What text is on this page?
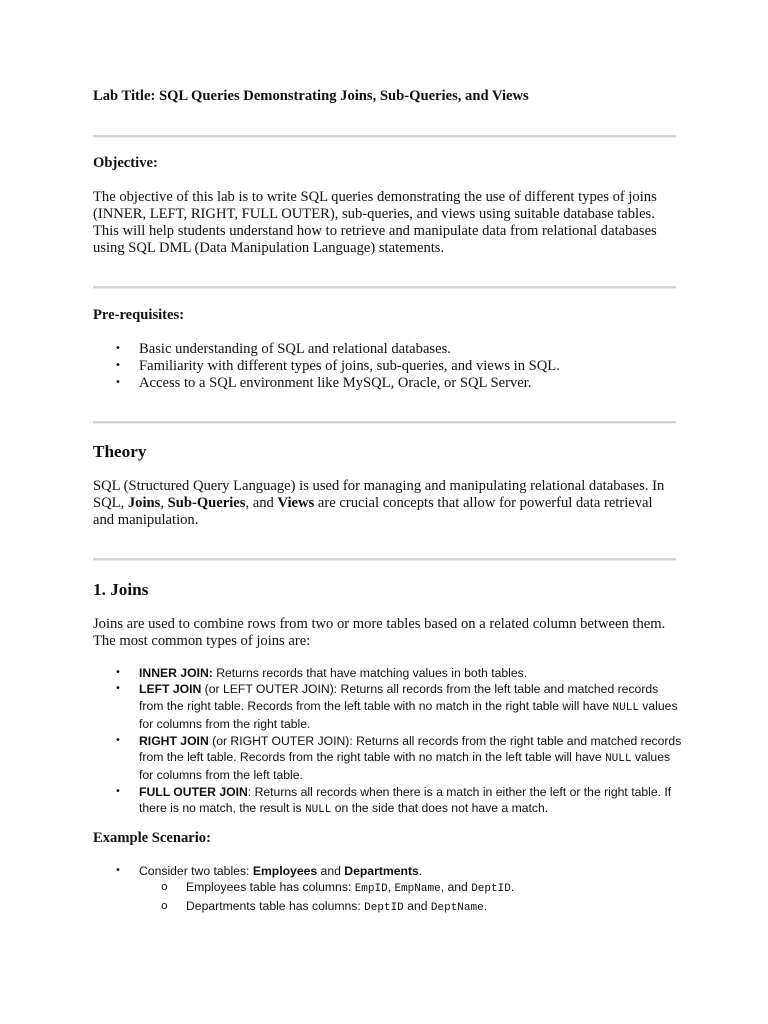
Lab Title: SQL Queries Demonstrating Joins, Sub-Queries, and Views
Objective:
The objective of this lab is to write SQL queries demonstrating the use of different types of joins (INNER, LEFT, RIGHT, FULL OUTER), sub-queries, and views using suitable database tables. This will help students understand how to retrieve and manipulate data from relational databases using SQL DML (Data Manipulation Language) statements.
Pre-requisites:
• Basic understanding of SQL and relational databases.
• Familiarity with different types of joins, sub-queries, and views in SQL.
• Access to a SQL environment like MySQL, Oracle, or SQL Server.
Theory
SQL (Structured Query Language) is used for managing and manipulating relational databases. In SQL, Joins, Sub-Queries, and Views are crucial concepts that allow for powerful data retrieval and manipulation.
1. Joins
Joins are used to combine rows from two or more tables based on a related column between them. The most common types of joins are:
• INNER JOIN: Returns records that have matching values in both tables.
• LEFT JOIN (or LEFT OUTER JOIN): Returns all records from the left table and matched records from the right table. Records from the left table with no match in the right table will have NULL values for columns from the right table.
• RIGHT JOIN (or RIGHT OUTER JOIN): Returns all records from the right table and matched records from the left table. Records from the right table with no match in the left table will have NULL values for columns from the left table.
• FULL OUTER JOIN: Returns all records when there is a match in either the left or the right table. If there is no match, the result is NULL on the side that does not have a match.
Example Scenario:
• Consider two tables: Employees and Departments.
o Employees table has columns: EmpID, EmpName, and DeptID.
o Departments table has columns: DeptID and DeptName.
